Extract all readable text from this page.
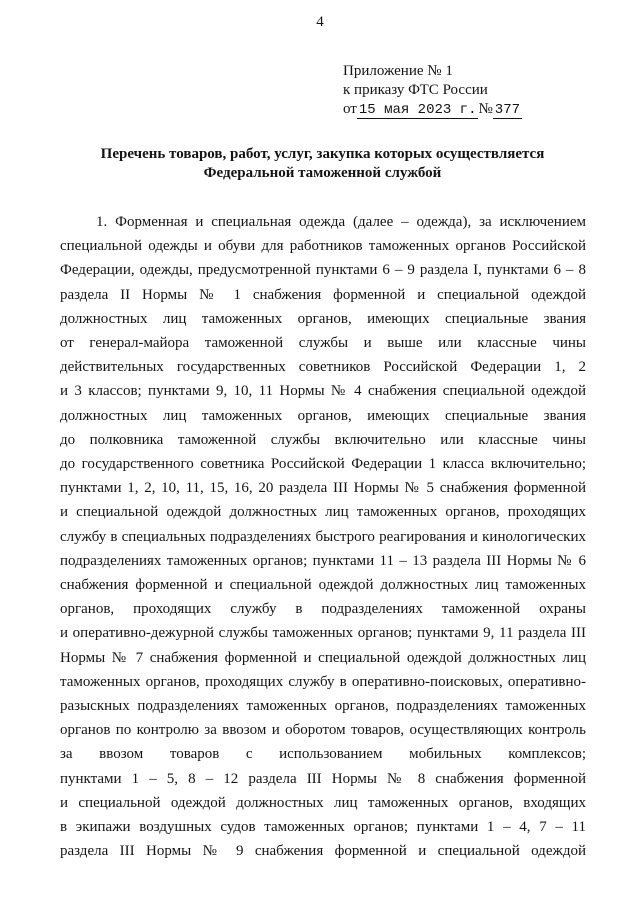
4
Приложение № 1
к приказу ФТС России
от 15 мая 2023 г. № 377
Перечень товаров, работ, услуг, закупка которых осуществляется
Федеральной таможенной службой
1. Форменная и специальная одежда (далее – одежда), за исключением
специальной одежды и обуви для работников таможенных органов Российской
Федерации, одежды, предусмотренной пунктами 6 – 9 раздела I, пунктами 6 – 8
раздела II Нормы № 1 снабжения форменной и специальной одеждой
должностных лиц таможенных органов, имеющих специальные звания
от генерал-майора таможенной службы и выше или классные чины
действительных государственных советников Российской Федерации 1, 2
и 3 классов; пунктами 9, 10, 11 Нормы № 4 снабжения специальной одеждой
должностных лиц таможенных органов, имеющих специальные звания
до полковника таможенной службы включительно или классные чины
до государственного советника Российской Федерации 1 класса включительно;
пунктами 1, 2, 10, 11, 15, 16, 20 раздела III Нормы № 5 снабжения форменной
и специальной одеждой должностных лиц таможенных органов, проходящих
службу в специальных подразделениях быстрого реагирования и кинологических
подразделениях таможенных органов; пунктами 11 – 13 раздела III Нормы № 6
снабжения форменной и специальной одеждой должностных лиц таможенных
органов, проходящих службу в подразделениях таможенной охраны
и оперативно-дежурной службы таможенных органов; пунктами 9, 11 раздела III
Нормы № 7 снабжения форменной и специальной одеждой должностных лиц
таможенных органов, проходящих службу в оперативно-поисковых, оперативно-
разыскных подразделениях таможенных органов, подразделениях таможенных
органов по контролю за ввозом и оборотом товаров, осуществляющих контроль
за ввозом товаров с использованием мобильных комплексов;
пунктами 1 – 5, 8 – 12 раздела III Нормы № 8 снабжения форменной
и специальной одеждой должностных лиц таможенных органов, входящих
в экипажи воздушных судов таможенных органов; пунктами 1 – 4, 7 – 11
раздела III Нормы № 9 снабжения форменной и специальной одеждой
